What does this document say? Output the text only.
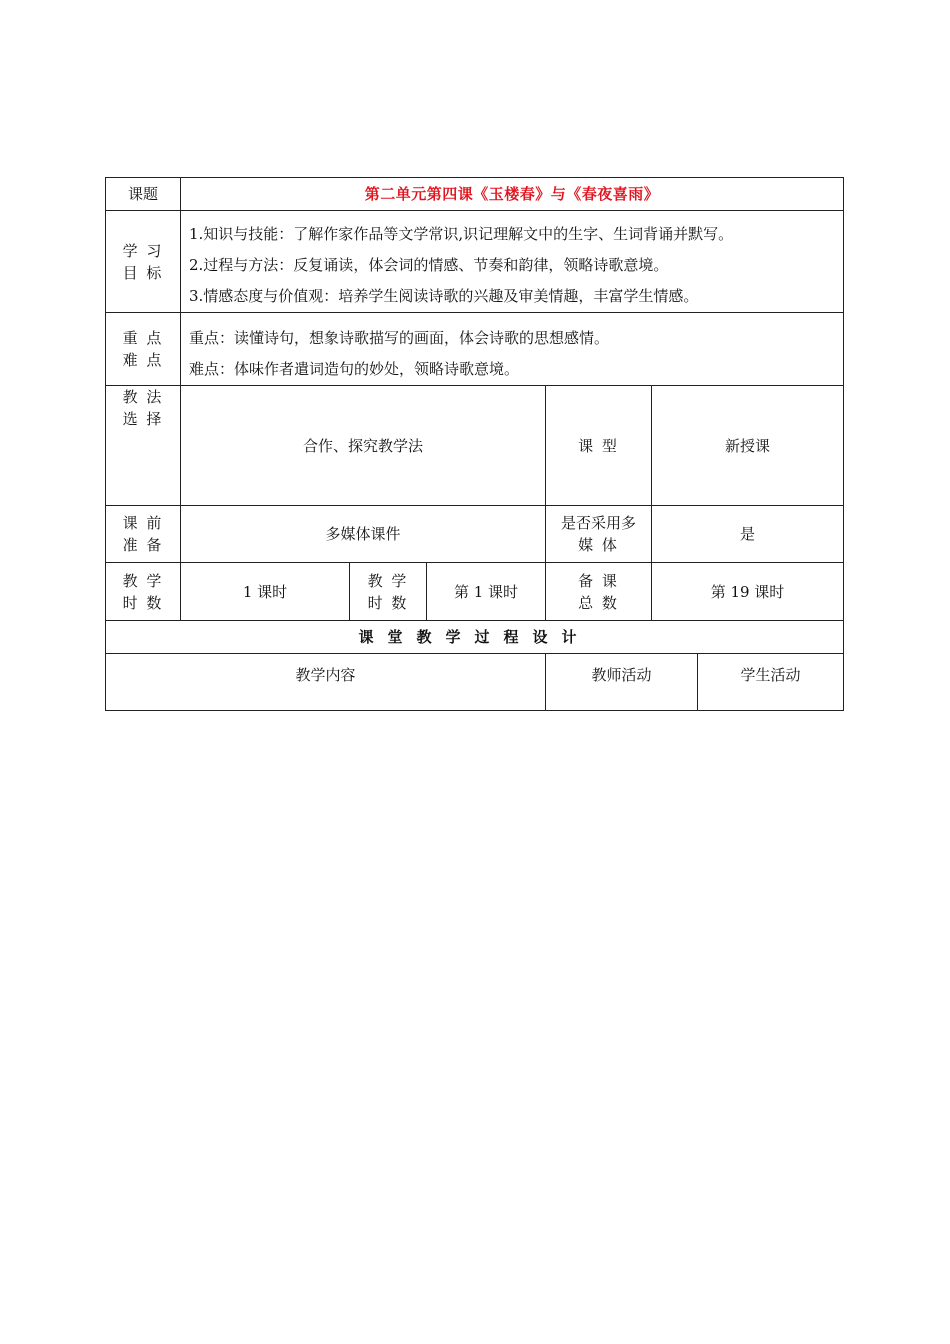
课题	第二单元第四课《玉楼春》与《春夜喜雨》					

学 习
目 标	1.知识与技能：了解作家作品等文学常识,识记理解文中的生字、生词背诵并默写。
2.过程与方法：反复诵读，体会词的情感、节奏和韵律，领略诗歌意境。
3.情感态度与价值观：培养学生阅读诗歌的兴趣及审美情趣，丰富学生情感。					

重 点
难 点	重点：读懂诗句，想象诗歌描写的画面，体会诗歌的思想感情。
难点：体味作者遣词造句的妙处，领略诗歌意境。					

教 法
选 择	合作、探究教学法			课 型	新授课	

课 前
准 备	多媒体课件			是否采用多
媒 体	是	

教 学
时 数	1 课时	教 学
时 数	第 1 课时	备 课
总 数	第 19 课时	
课堂教学过程设计						
教学内容				教师活动		学生活动
